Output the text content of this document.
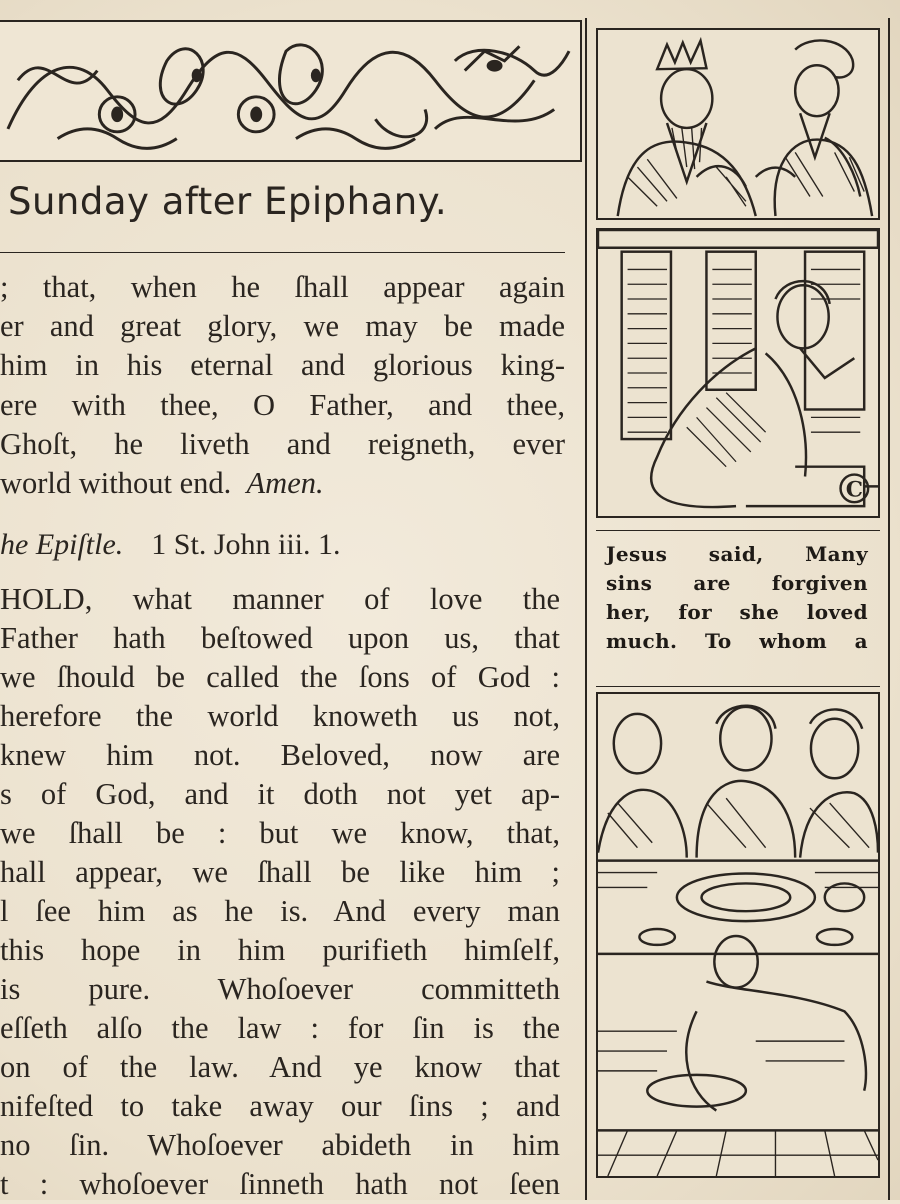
Sunday after Epiphany.
; that, when he ſhall appear again
er and great glory, we may be made
him in his eternal and glorious king-
ere with thee, O Father, and thee,
Ghoſt, he liveth and reigneth, ever
world without end. Amen.
he Epiſtle. 1 St. John iii. 1.
HOLD, what manner of love the
Father hath beſtowed upon us, that
we ſhould be called the ſons of God :
herefore the world knoweth us not,
knew him not. Beloved, now are
s of God, and it doth not yet ap-
we ſhall be : but we know, that,
hall appear, we ſhall be like him ;
l ſee him as he is. And every man
this hope in him purifieth himſelf,
is pure. Whoſoever committeth
eſſeth alſo the law : for ſin is the
on of the law. And ye know that
nifeſted to take away our ſins ; and
no ſin. Whoſoever abideth in him
t : whoſoever ſinneth hath not ſeen
C
Jesus said, Many
sins are forgiven
her, for she loved
much. To whom a
